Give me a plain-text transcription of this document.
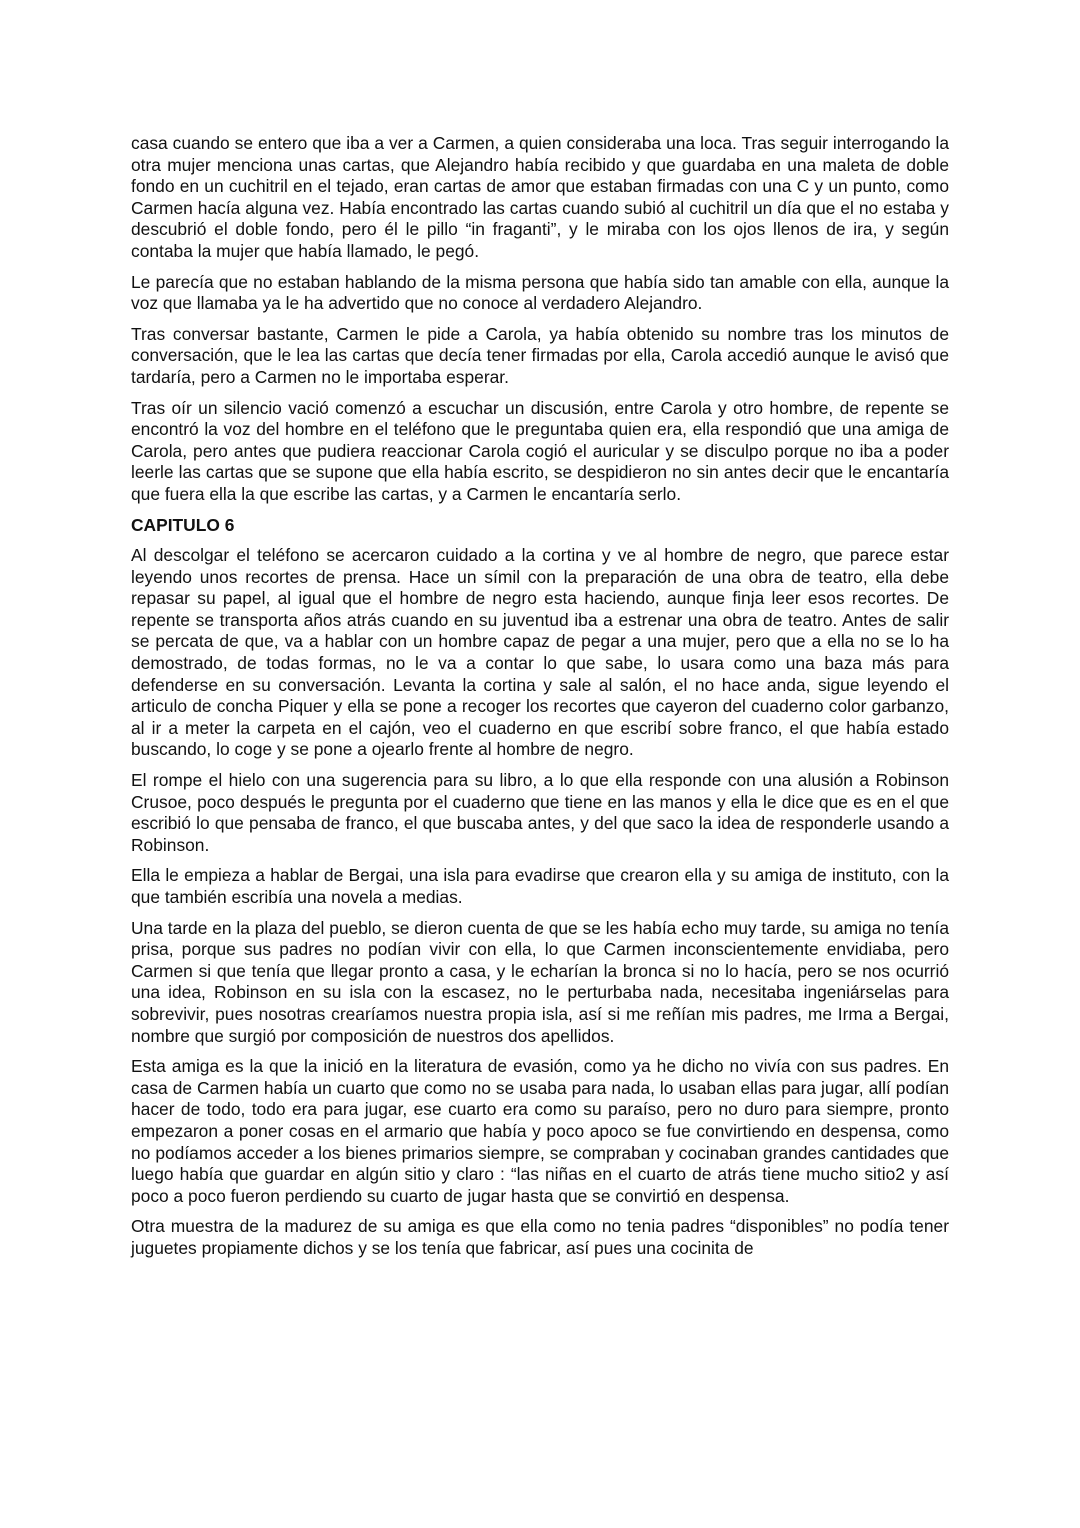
casa cuando se entero que iba a ver a Carmen, a quien consideraba una loca. Tras seguir interrogando la otra mujer menciona unas cartas, que Alejandro había recibido y que guardaba en una maleta de doble fondo en un cuchitril en el tejado, eran cartas de amor que estaban firmadas con una C y un punto, como Carmen hacía alguna vez. Había encontrado las cartas cuando subió al cuchitril un día que el no estaba y descubrió el doble fondo, pero él le pillo “in fraganti”, y le miraba con los ojos llenos de ira, y según contaba la mujer que había llamado, le pegó.

Le parecía que no estaban hablando de la misma persona que había sido tan amable con ella, aunque la voz que llamaba ya le ha advertido que no conoce al verdadero Alejandro.

Tras conversar bastante, Carmen le pide a Carola, ya había obtenido su nombre tras los minutos de conversación, que le lea las cartas que decía tener firmadas por ella, Carola accedió aunque le avisó que tardaría, pero a Carmen no le importaba esperar.

Tras oír un silencio vació comenzó a escuchar un discusión, entre Carola y otro hombre, de repente se encontró la voz del hombre en el teléfono que le preguntaba quien era, ella respondió que una amiga de Carola, pero antes que pudiera reaccionar Carola cogió el auricular y se disculpo porque no iba a poder leerle las cartas que se supone que ella había escrito, se despidieron no sin antes decir que le encantaría que fuera ella la que escribe las cartas, y a Carmen le encantaría serlo.

CAPITULO 6

Al descolgar el teléfono se acercaron cuidado a la cortina y ve al hombre de negro, que parece estar leyendo unos recortes de prensa. Hace un símil con la preparación de una obra de teatro, ella debe repasar su papel, al igual que el hombre de negro esta haciendo, aunque finja leer esos recortes. De repente se transporta años atrás cuando en su juventud iba a estrenar una obra de teatro. Antes de salir se percata de que, va a hablar con un hombre capaz de pegar a una mujer, pero que a ella no se lo ha demostrado, de todas formas, no le va a contar lo que sabe, lo usara como una baza más para defenderse en su conversación. Levanta la cortina y sale al salón, el no hace anda, sigue leyendo el articulo de concha Piquer y ella se pone a recoger los recortes que cayeron del cuaderno color garbanzo, al ir a meter la carpeta en el cajón, veo el cuaderno en que escribí sobre franco, el que había estado buscando, lo coge y se pone a ojearlo frente al hombre de negro.

El rompe el hielo con una sugerencia para su libro, a lo que ella responde con una alusión a Robinson Crusoe, poco después le pregunta por el cuaderno que tiene en las manos y ella le dice que es en el que escribió lo que pensaba de franco, el que buscaba antes, y del que saco la idea de responderle usando a Robinson.

Ella le empieza a hablar de Bergai, una isla para evadirse que crearon ella y su amiga de instituto, con la que también escribía una novela a medias.

Una tarde en la plaza del pueblo, se dieron cuenta de que se les había echo muy tarde, su amiga no tenía prisa, porque sus padres no podían vivir con ella, lo que Carmen inconscientemente envidiaba, pero Carmen si que tenía que llegar pronto a casa, y le echarían la bronca si no lo hacía, pero se nos ocurrió una idea, Robinson en su isla con la escasez, no le perturbaba nada, necesitaba ingeniárselas para sobrevivir, pues nosotras crearíamos nuestra propia isla, así si me reñían mis padres, me Irma a Bergai, nombre que surgió por composición de nuestros dos apellidos.

Esta amiga es la que la inició en la literatura de evasión, como ya he dicho no vivía con sus padres. En casa de Carmen había un cuarto que como no se usaba para nada, lo usaban ellas para jugar, allí podían hacer de todo, todo era para jugar, ese cuarto era como su paraíso, pero no duro para siempre, pronto empezaron a poner cosas en el armario que había y poco apoco se fue convirtiendo en despensa, como no podíamos acceder a los bienes primarios siempre, se compraban y cocinaban grandes cantidades que luego había que guardar en algún sitio y claro : “las niñas en el cuarto de atrás tiene mucho sitio2 y así poco a poco fueron perdiendo su cuarto de jugar hasta que se convirtió en despensa.

Otra muestra de la madurez de su amiga es que ella como no tenia padres “disponibles” no podía tener juguetes propiamente dichos y se los tenía que fabricar, así pues una cocinita de
